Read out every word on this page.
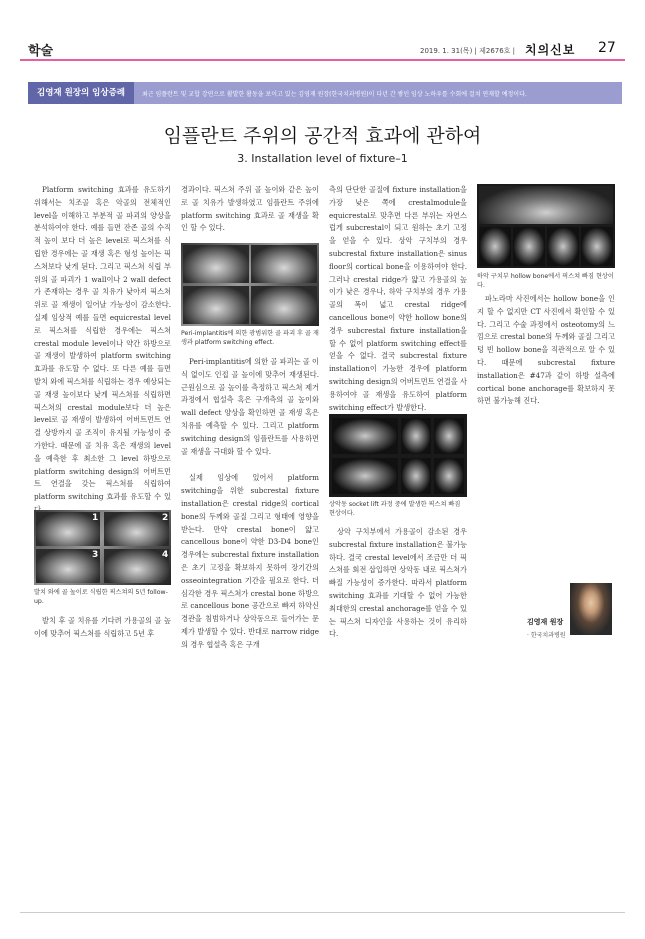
학술	2019. 1. 31(목) | 제2676호 | 치의신보 27
김영재 원장의 임상증례	최근 임플란트 및 교합 강연으로 활발한 활동을 보이고 있는 김영재 원장(한국치과병원)이 다년 간 쌓인 임상 노하우를 수회에 걸쳐 연재할 예정이다.
임플란트 주위의 공간적 효과에 관하여
3. Installation level of fixture–1

Platform switching 효과를 유도하기 위해서는 치조골 혹은 악골의 전체적인 level을 이해하고 부분적 골 파괴의 양상을 분석하여야 한다. 예를 들면 잔존 골의 수직적 높이 보다 더 높은 level로 픽스쳐를 식립한 경우에는 골 재생 혹은 형성 높이는 픽스쳐보다 낮게 된다. 그리고 픽스쳐 식립 부위의 골 파괴가 1 wall이나 2 wall defect가 존재하는 경우 골 치유가 낮아져 픽스쳐 위로 골 재생이 일어날 가능성이 감소한다. 실제 임상적 예를 들면 equicrestal level로 픽스쳐를 식립한 경우에는 픽스쳐 crestal module level이나 약간 하방으로 골 재생이 발생하여 platform switching 효과를 유도할 수 없다. 또 다른 예를 들면 발치 와에 픽스쳐를 식립하는 경우 예상되는 골 재생 높이보다 낮게 픽스쳐를 식립하면 픽스쳐의 crestal module보다 더 높은 level로 골 재생이 발생하여 어버트먼트 연결 상방까지 골 조직이 유지될 가능성이 증가한다. 때문에 골 치유 혹은 재생의 level을 예측한 후 최소한 그 level 하방으로 platform switching design의 어버트먼트 연결을 갖는 픽스쳐를 식립하여 platform switching 효과를 유도할 수 있

1	2
3	4
발치 와에 골 높이로 식립한 픽스쳐의 5년 follow-up.

발치 후 골 치유를 기다려 가용골의 골 높이에 맞추어 픽스쳐를 식립하고 5년 후

경과이다. 픽스쳐 주위 골 높이와 같은 높이로 골 치유가 발생하였고 임플란트 주위에 platform switching 효과로 골 재생을 확인 할 수 있다.

Peri-implantitis에 의한 광범위한 골 파괴 후 골 재생과 platform switching effect.

Peri-implantitis에 의한 골 파괴는 골 이식 없이도 인접 골 높이에 맞추어 재생된다. 근원심으로 골 높이를 측정하고 픽스쳐 제거 과정에서 협설측 혹은 구개측의 골 높이와 wall defect 양상을 확인하면 골 재생 혹은 치유를 예측할 수 있다. 그리고 platform switching design의 임플란트를 사용하면 골 재생을 극대화 할 수 있다.

실제 임상에 있어서 platform switching을 위한 subcrestal fixture installation은 crestal ridge의 cortical bone의 두께와 골질 그리고 형태에 영향을 받는다. 만약 crestal bone이 얇고 cancellous bone이 약한 D3-D4 bone인 경우에는 subcrestal fixture installation은 초기 고정을 확보하지 못하여 장기간의 osseointegration 기간을 필요로 한다. 더 심각한 경우 픽스쳐가 crestal bone 하방으로 cancellous bone 공간으로 빠져 하악신경관을 침범하거나 상악동으로 들어가는 문제가 발생할 수 있다. 반대로 narrow ridge의 경우 협설측 혹은 구개

측의 단단한 골질에 fixture installation을 가장 낮은 쪽에 crestalmodule을 equicrestal로 맞추면 다른 부위는 자연스럽게 subcrestal이 되고 원하는 초기 고정을 얻을 수 있다. 상악 구치부의 경우 subcrestal fixture installation은 sinus floor의 cortical bone을 이용하여야 한다. 그러나 crestal ridge가 얇고 가용골의 높이가 낮은 경우나, 하악 구치부의 경우 가용골의 폭이 넓고 crestal ridge에 cancellous bone이 약한 hollow bone의 경우 subcrestal fixture installation을 할 수 없어 platform switching effect를 얻을 수 없다. 결국 subcrestal fixture installation이 가능한 경우에 platform switching design의 어버트먼트 연결을 사용하여야 골 재생을 유도하여 platform switching effect가 발생한다.

상악동 socket lift 과정 중에 발생한 픽스쳐 빠짐 현상이다.

상악 구치부에서 가용골이 감소된 경우 subcrestal fixture installation은 불가능하다. 결국 crestal level에서 조금만 더 픽스쳐를 회전 삽입하면 상악동 내로 픽스쳐가 빠질 가능성이 증가한다. 따라서 platform switching 효과를 기대할 수 없어 가능한 최대한의 crestal anchorage를 얻을 수 있는 픽스쳐 디자인을 사용하는 것이 유리하다.

하악 구치부 hollow bone에서 픽스쳐 빠짐 현상이다.

파노라마 사진에서는 hollow bone을 인지 할 수 없지만 CT 사진에서 확인할 수 있다. 그리고 수술 과정에서 osteotomy의 느낌으로 crestal bone의 두께와 골질 그리고 텅 빈 hollow bone을 직관적으로 알 수 있다. 때문에 subcrestal fixture installation은 #47과 같이 하방 설측에 cortical bone anchorage를 확보하지 못하면 불가능해 진다.

김영재 원장
· 한국치과병원
